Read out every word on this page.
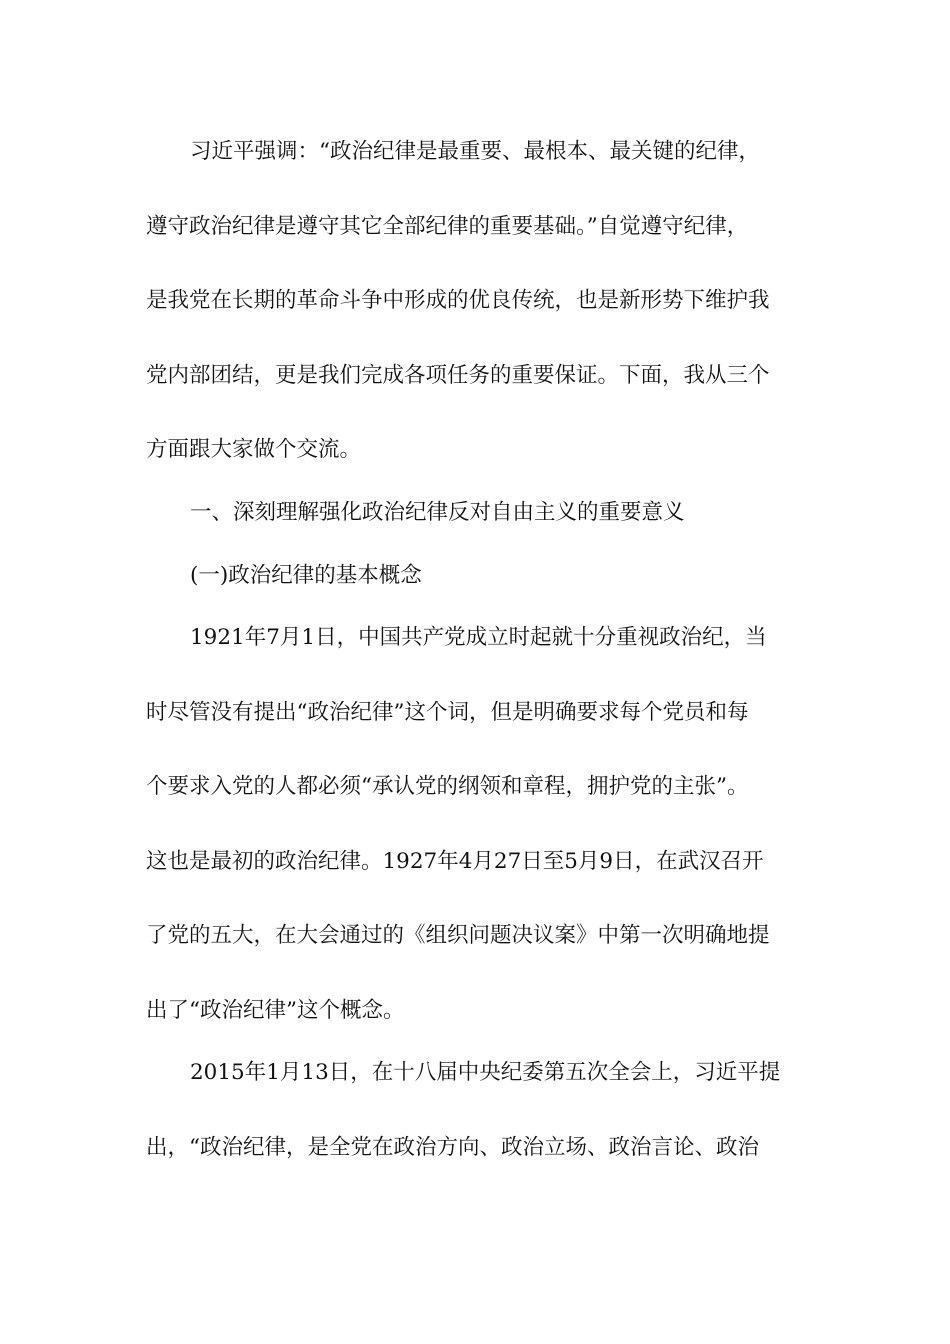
习近平强调：“政治纪律是最重要、最根本、最关键的纪律，
遵守政治纪律是遵守其它全部纪律的重要基础。”自觉遵守纪律，
是我党在长期的革命斗争中形成的优良传统，也是新形势下维护我
党内部团结，更是我们完成各项任务的重要保证。下面，我从三个
方面跟大家做个交流。
一、深刻理解强化政治纪律反对自由主义的重要意义
(一)政治纪律的基本概念
1921年7月1日，中国共产党成立时起就十分重视政治纪，当
时尽管没有提出“政治纪律”这个词，但是明确要求每个党员和每
个要求入党的人都必须“承认党的纲领和章程，拥护党的主张”。
这也是最初的政治纪律。1927年4月27日至5月9日，在武汉召开
了党的五大，在大会通过的《组织问题决议案》中第一次明确地提
出了“政治纪律”这个概念。
2015年1月13日，在十八届中央纪委第五次全会上，习近平提
出，“政治纪律，是全党在政治方向、政治立场、政治言论、政治
